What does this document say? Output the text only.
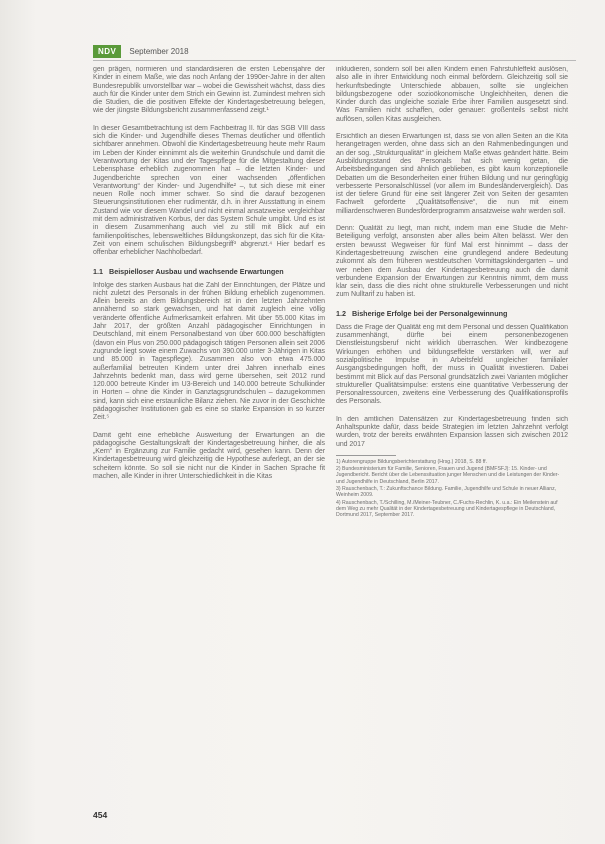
NDV	September 2018

gen prägen, normieren und standardisieren die ersten Lebensjahre der Kinder in einem Maße, wie das noch Anfang der 1990er-Jahre in der alten Bundesrepublik unvorstellbar war – wobei die Gewissheit wächst, dass dies auch für die Kinder unter dem Strich ein Gewinn ist. Zumindest mehren sich die Studien, die die positiven Effekte der Kindertagesbetreuung belegen, wie der jüngste Bildungsbericht zusammenfassend zeigt.¹

In dieser Gesamtbetrachtung ist dem Fachbeitrag II. für das SGB VIII dass sich die Kinder- und Jugendhilfe dieses Themas deutlicher und öffentlich sichtbarer annehmen. Obwohl die Kindertagesbetreuung heute mehr Raum im Leben der Kinder einnimmt als die weiterhin Grundschule und damit die Verantwortung der Kitas und der Tagespflege für die Mitgestaltung dieser Lebensphase erheblich zugenommen hat – die letzten Kinder- und Jugendberichte sprechen von einer wachsenden „öffentlichen Verantwortung“ der Kinder- und Jugendhilfe² –, tut sich diese mit einer neuen Rolle noch immer schwer. So sind die darauf bezogenen Steuerungsinstitutionen eher rudimentär, d.h. in ihrer Ausstattung in einem Zustand wie vor diesem Wandel und nicht einmal ansatzweise vergleichbar mit dem administrativen Korbus, der das System Schule umgibt. Und es ist in diesem Zusammenhang auch viel zu still mit Blick auf ein familienpolitisches, lebensweltliches Bildungskonzept, das sich für die Kita-Zeit von einem schulischen Bildungsbegriff³ abgrenzt.⁴ Hier bedarf es offenbar erheblicher Nachholbedarf.

1.1 Beispielloser Ausbau und wachsende Erwartungen

Infolge des starken Ausbaus hat die Zahl der Einrichtungen, der Plätze und nicht zuletzt des Personals in der frühen Bildung erheblich zugenommen. Allein bereits an dem Bildungsbereich ist in den letzten Jahrzehnten annähernd so stark gewachsen, und hat damit zugleich eine völlig veränderte öffentliche Aufmerksamkeit erfahren. Mit über 55.000 Kitas im Jahr 2017, der größten Anzahl pädagogischer Einrichtungen in Deutschland, mit einem Personalbestand von über 600.000 beschäftigten (davon ein Plus von 250.000 pädagogisch tätigen Personen allein seit 2006 zugrunde liegt sowie einem Zuwachs von 390.000 unter 3-Jährigen in Kitas und 85.000 in Tagespflege). Zusammen also von etwa 475.000 außerfamilial betreuten Kindern unter drei Jahren innerhalb eines Jahrzehnts bedenkt man, dass wird gerne übersehen, seit 2012 rund 120.000 betreute Kinder im U3-Bereich und 140.000 betreute Schulkinder in Horten – ohne die Kinder in Ganztagsgrundschulen – dazugekommen sind, kann sich eine erstaunliche Bilanz ziehen. Nie zuvor in der Geschichte pädagogischer Institutionen gab es eine so starke Expansion in so kurzer Zeit.⁵

Damit geht eine erhebliche Ausweitung der Erwartungen an die pädagogische Gestaltungskraft der Kindertagesbetreuung hinher, die als „Kern“ in Ergänzung zur Familie gedacht wird, gesehen kann. Denn der Kindertagesbetreuung wird gleichzeitig die Hypothese auferlegt, an der sie scheitern könnte. So soll sie nicht nur die Kinder in Sachen Sprache fit machen, alle Kinder in ihrer Unterschiedlichkeit in die Kitas

inkludieren, sondern soll bei allen Kindern einen Fahrstuhleffekt auslösen, also alle in ihrer Entwicklung noch einmal befördern. Gleichzeitig soll sie herkunftsbedingte Unterschiede abbauen, sollte sie ungleichen bildungsbezogene oder sozioökonomische Ungleichheiten, denen die Kinder durch das ungleiche soziale Erbe ihrer Familien ausgesetzt sind. Was Familien nicht schaffen, oder genauer: großenteils selbst nicht auflösen, sollen Kitas ausgleichen.

Ersichtlich an diesen Erwartungen ist, dass sie von allen Seiten an die Kita herangetragen werden, ohne dass sich an den Rahmenbedingungen und an der sog. „Strukturqualität“ in gleichem Maße etwas geändert hätte. Beim Ausbildungsstand des Personals hat sich wenig getan, die Arbeitsbedingungen sind ähnlich geblieben, es gibt kaum konzeptionelle Debatten um die Besonderheiten einer frühen Bildung und nur geringfügig verbesserte Personalschlüssel (vor allem im Bundesländervergleich). Das ist der tiefere Grund für eine seit längerer Zeit von Seiten der gesamten Fachwelt geforderte „Qualitätsoffensive“, die nun mit einem milliardenschweren Bundesförderprogramm ansatzweise wahr werden soll.

Denn: Qualität zu liegt, man nicht, indem man eine Studie die Mehr-Beteiligung verfolgt, ansonsten aber alles beim Alten belässt. Wer den ersten bewusst Wegweiser für fünf Mal erst hinnimmt – dass der Kindertagesbetreuung zwischen eine grundlegend andere Bedeutung zukommt als dem früheren westdeutschen Vormittagskindergarten – und wer neben dem Ausbau der Kindertagesbetreuung auch die damit verbundene Expansion der Erwartungen zur Kenntnis nimmt, dem muss klar sein, dass die dies nicht ohne strukturelle Verbesserungen und nicht zum Nulltarif zu haben ist.

1.2 Bisherige Erfolge bei der Personalgewinnung

Dass die Frage der Qualität eng mit dem Personal und dessen Qualifikation zusammenhängt, dürfte bei einem personenbezogenen Dienstleistungsberuf nicht wirklich überraschen. Wer kindbezogene Wirkungen erhöhen und bildungseffekte verstärken will, wer auf sozialpolitische Impulse in Arbeitsfeld ungleicher familialer Ausgangsbedingungen hofft, der muss in Qualität investieren. Dabei bestimmt mit Blick auf das Personal grundsätzlich zwei Varianten möglicher struktureller Qualitätsimpulse: erstens eine quantitative Verbesserung der Personalressourcen, zweitens eine Verbesserung des Qualifikationsprofils des Personals.

In den amtlichen Datensätzen zur Kindertagesbetreuung finden sich Anhaltspunkte dafür, dass beide Strategien im letzten Jahrzehnt verfolgt wurden, trotz der bereits erwähnten Expansion lassen sich zwischen 2012 und 2017

1) Autorengruppe Bildungsberichterstattung (Hrsg.) 2018, S. 88 ff.

2) Bundesministerium für Familie, Senioren, Frauen und Jugend (BMFSFJ): 15. Kinder- und Jugendbericht. Bericht über die Lebenssituation junger Menschen und die Leistungen der Kinder- und Jugendhilfe in Deutschland, Berlin 2017.

3) Rauschenbach, T.: Zukunftschance Bildung. Familie, Jugendhilfe und Schule in neuer Allianz, Weinheim 2009.

4) Rauschenbach, T./Schilling, M./Meiner-Teubner, C./Fuchs-Rechlin, K. u.a.: Ein Meilenstein auf dem Weg zu mehr Qualität in der Kindertagesbetreuung und Kindertagespflege in Deutschland, Dortmund 2017, September 2017.

454
